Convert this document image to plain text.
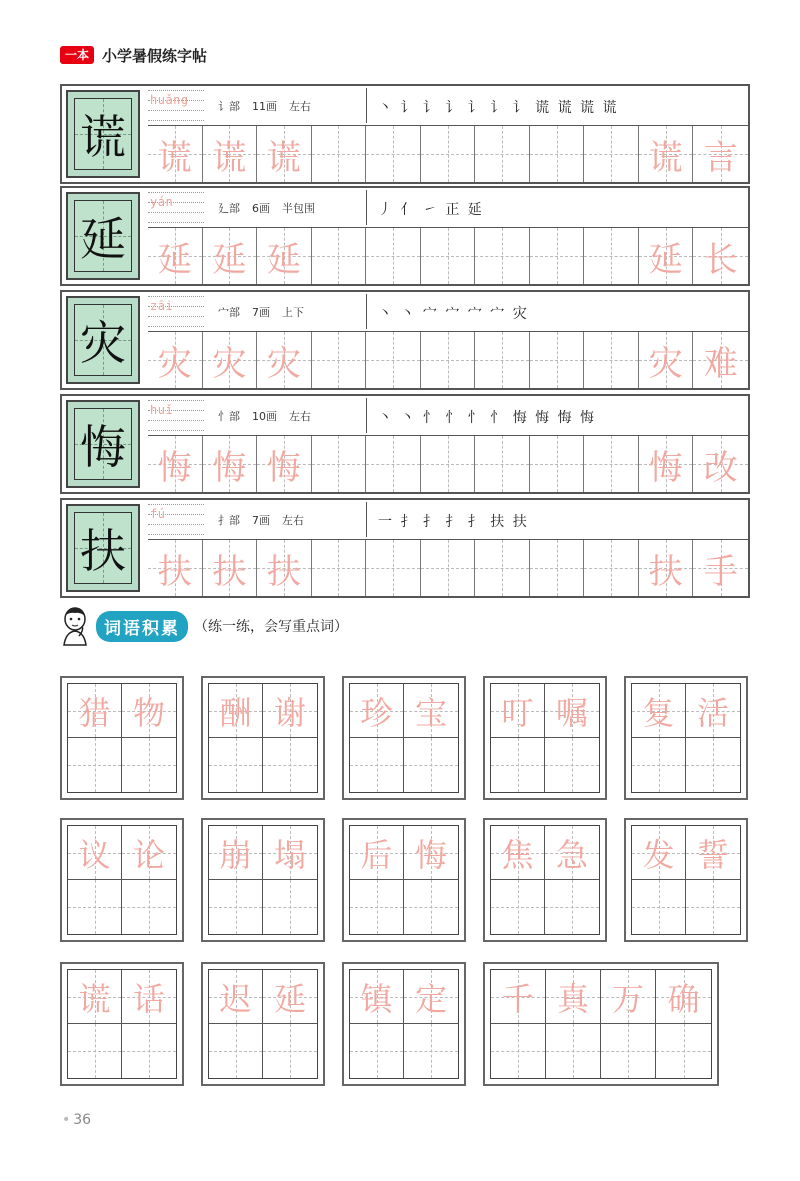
一本 小学暑假练字帖
谎
huǎng	讠部 11画 左右	丶 讠 讠 讠 讠 讠 讠 谎 谎 谎 谎
谎 谎 谎	谎 言
延
yán	廴部 6画 半包围	丿 亻 ㇀ 正 延
延 延 延	延 长
灾
zāi	宀部 7画 上下	丶 丶 宀 宀 宀 宀 灾
灾 灾 灾	灾 难
悔
huǐ	忄部 10画 左右	丶 丶 忄 忄 忄 忄 悔 悔 悔 悔
悔 悔 悔	悔 改
扶
fú	扌部 7画 左右	一 扌 扌 扌 扌 扶 扶
扶 扶 扶	扶 手
词语积累	（练一练，会写重点词）
猎 物	酬 谢	珍 宝	叮 嘱	复 活
议 论	崩 塌	后 悔	焦 急	发 誓
谎 话	迟 延	镇 定	千 真 万 确
• 36
